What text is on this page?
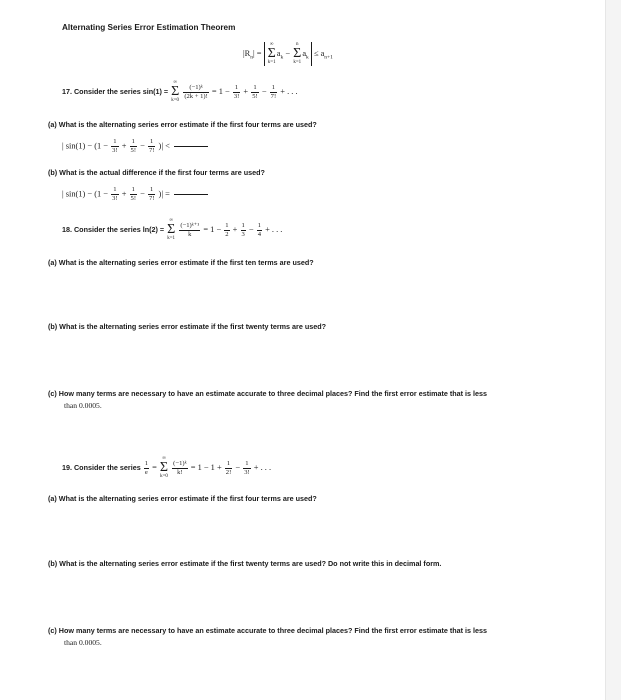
Alternating Series Error Estimation Theorem
$|R_n|$ =
∞
Σ
k=1
$a_k$ −
n
Σ
k=1
$a_k \le a_{n+1}$
17. Consider the series sin(1) =
∞
Σ
k=0
$\frac{\text{(−1)ᵏ}}{(2k + 1)!} = 1 - \frac{1}{3!} + \frac{1}{5!} - \frac{1}{7!}$ + . . .
(a) What is the alternating series error estimate if the first four terms are used?
| $\sin(1) - (1 - \frac{1}{3!} + \frac{1}{5!} - \frac{1}{7!}$ )| <
(b) What is the actual difference if the first four terms are used?
| $\sin(1) - (1 - \frac{1}{3!} + \frac{1}{5!} - \frac{1}{7!}$ )| =
18. Consider the series ln(2) =
∞
Σ
k=1
$\frac{\text{(−1)ᵏ⁺¹}}{k} = 1 - \frac{1}{2} + \frac{1}{3} - \frac{1}{4}$ + . . .
(a) What is the alternating series error estimate if the first ten terms are used?
(b) What is the alternating series error estimate if the first twenty terms are used?
(c) How many terms are necessary to have an estimate accurate to three decimal places? Find the first error estimate that is less
than 0.0005.
19. Consider the series $\frac{1}{e}$ =
∞
Σ
k=0
$\frac{\text{(−1)ᵏ}}{k!} = 1 - 1 + \frac{1}{2!} - \frac{1}{3!}$ + . . .
(a) What is the alternating series error estimate if the first four terms are used?
(b) What is the alternating series error estimate if the first twenty terms are used? Do not write this in decimal form.
(c) How many terms are necessary to have an estimate accurate to three decimal places? Find the first error estimate that is less
than 0.0005.
